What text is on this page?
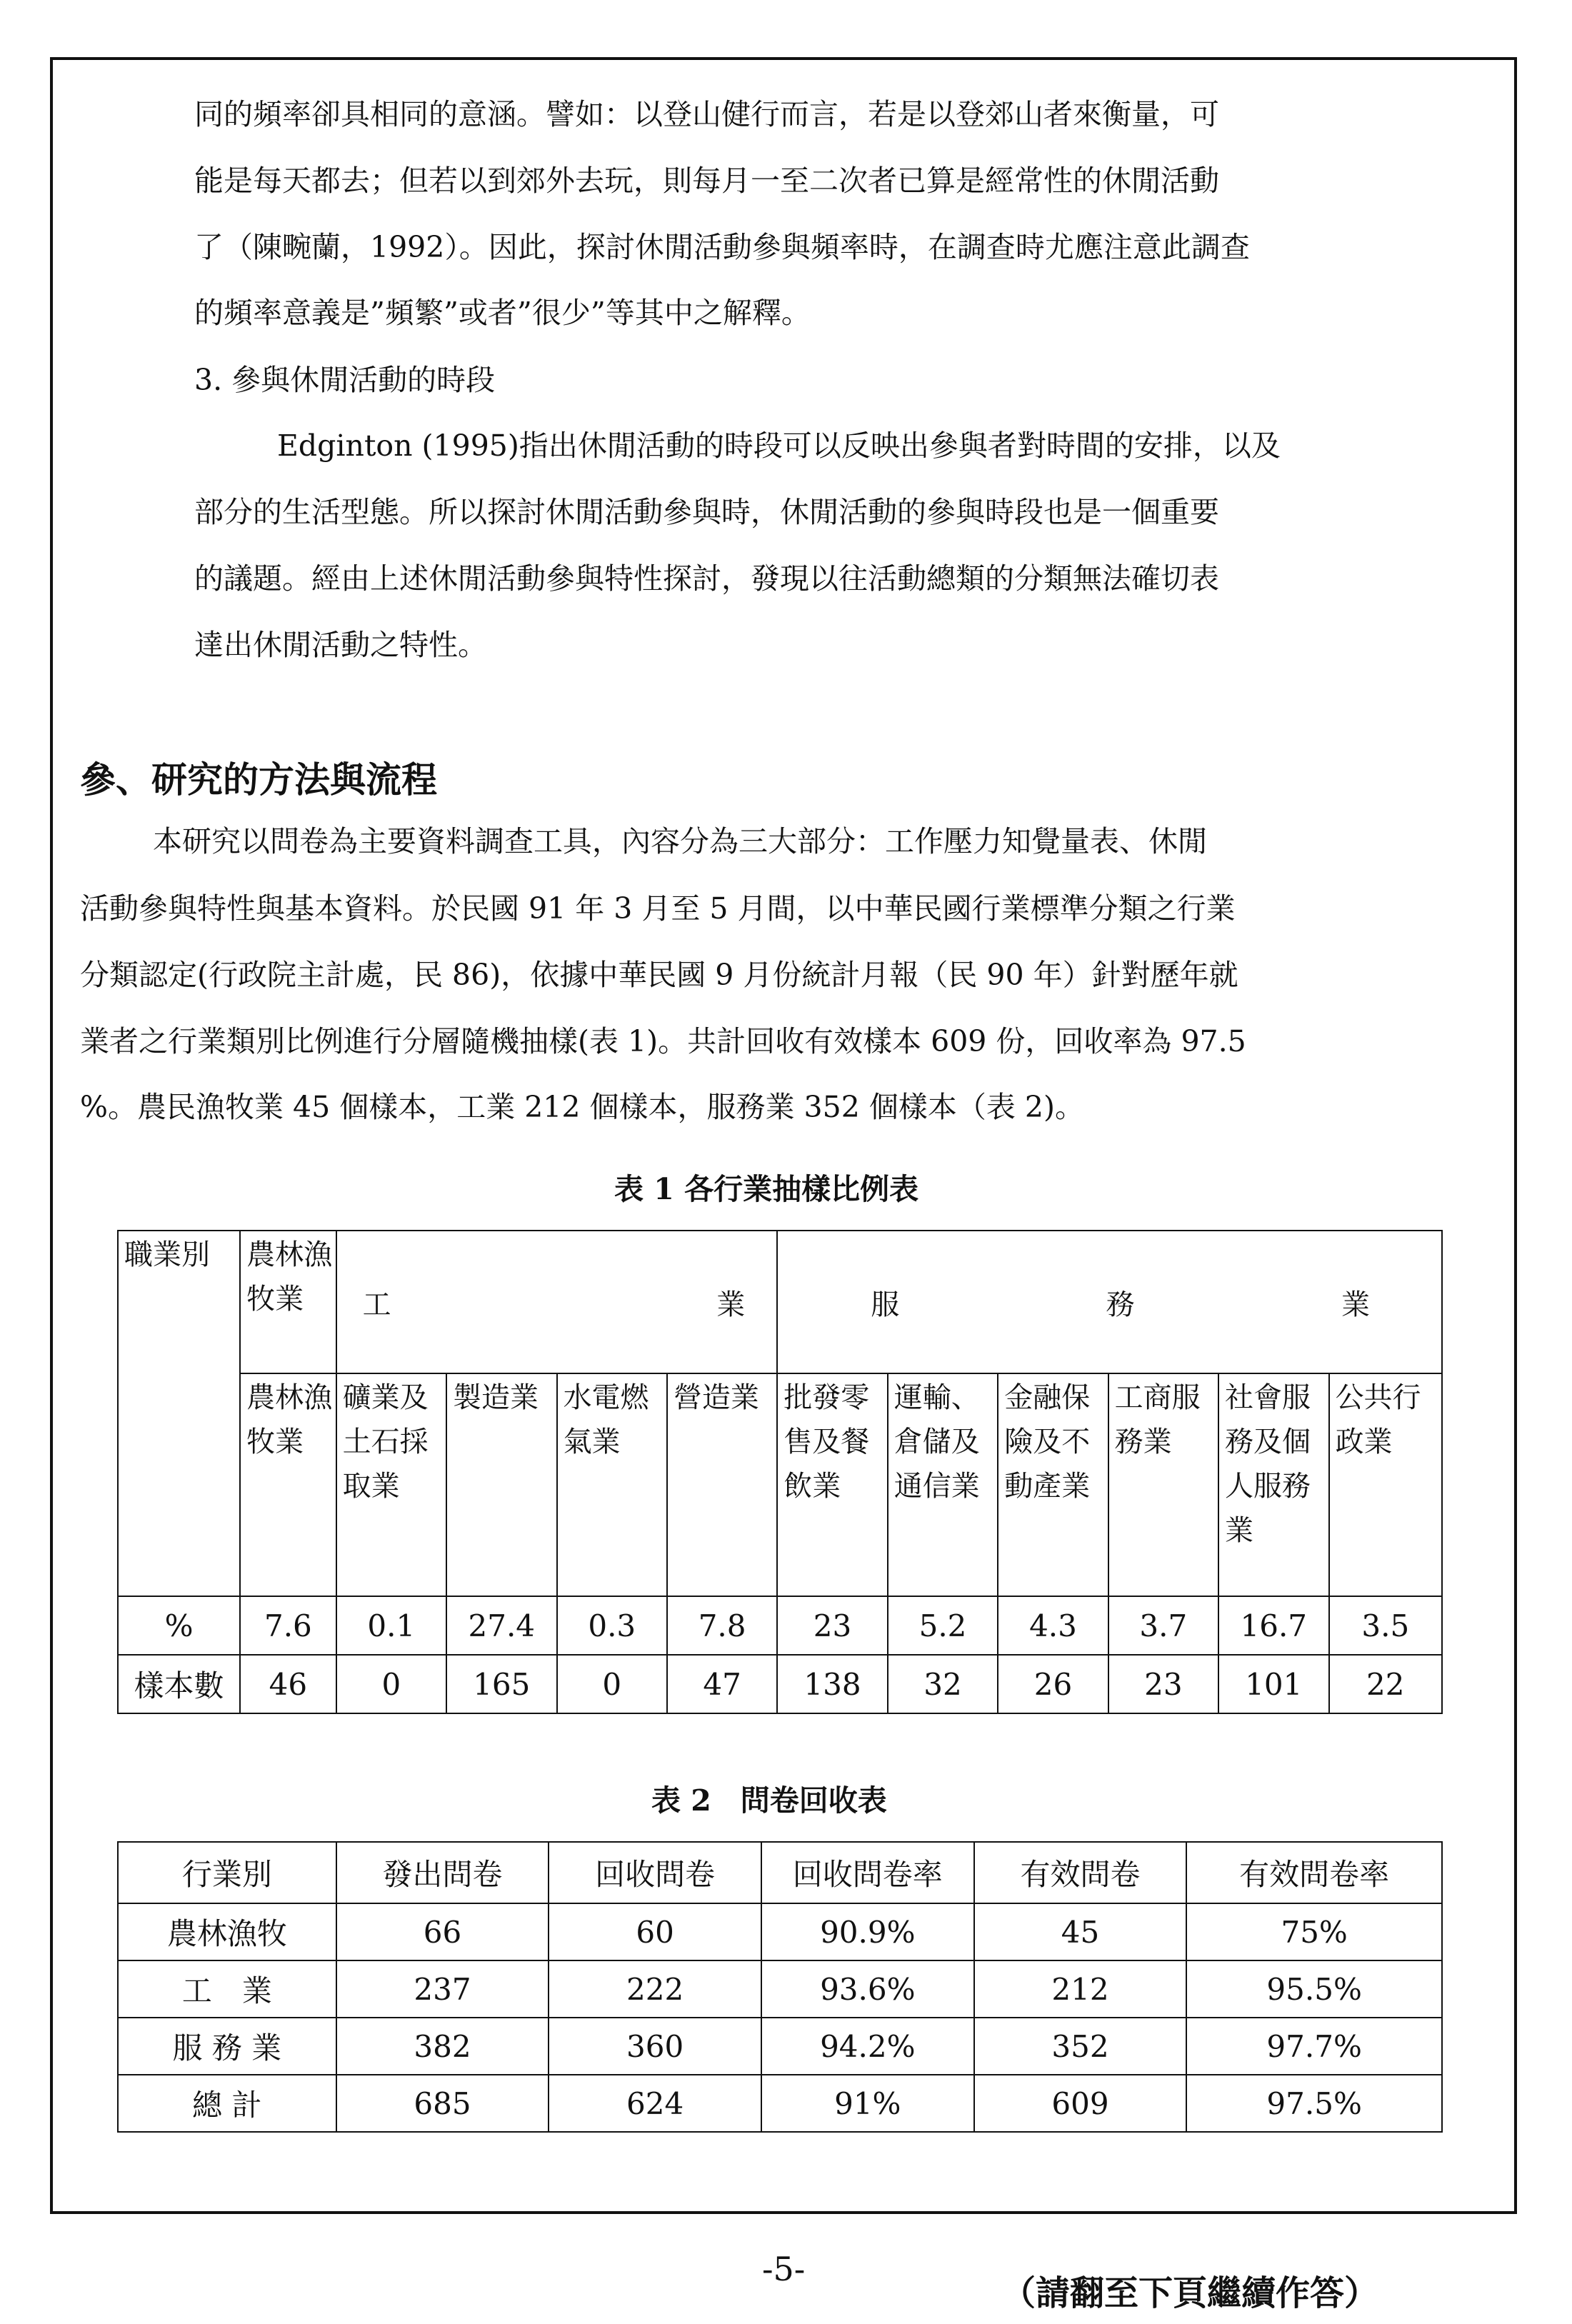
同的頻率卻具相同的意涵。譬如：以登山健行而言，若是以登郊山者來衡量，可
能是每天都去；但若以到郊外去玩，則每月一至二次者已算是經常性的休閒活動
了（陳畹蘭，1992）。因此，探討休閒活動參與頻率時，在調查時尤應注意此調查
的頻率意義是”頻繁”或者”很少”等其中之解釋。
3. 參與休閒活動的時段
Edginton (1995)指出休閒活動的時段可以反映出參與者對時間的安排，以及
部分的生活型態。所以探討休閒活動參與時，休閒活動的參與時段也是一個重要
的議題。經由上述休閒活動參與特性探討，發現以往活動總類的分類無法確切表
達出休閒活動之特性。
參、研究的方法與流程
本研究以問卷為主要資料調查工具，內容分為三大部分：工作壓力知覺量表、休閒
活動參與特性與基本資料。於民國 91 年 3 月至 5 月間，以中華民國行業標準分類之行業
分類認定(行政院主計處，民 86)，依據中華民國 9 月份統計月報（民 90 年）針對歷年就
業者之行業類別比例進行分層隨機抽樣(表 1)。共計回收有效樣本 609 份，回收率為 97.5
%。農民漁牧業 45 個樣本，工業 212 個樣本，服務業 352 個樣本（表 2)。
表 1 各行業抽樣比例表
職業別	農林漁牧業	工 業				服 務 業					

	農林漁牧業	礦業及土石採取業	製造業	水電燃氣業	營造業	批發零售及餐飲業	運輸、倉儲及通信業	金融保險及不動產業	工商服務業	社會服務及個人服務業	公共行政業
%	7.6	0.1	27.4	0.3	7.8	23	5.2	4.3	3.7	16.7	3.5
樣本數	46	0	165	0	47	138	32	26	23	101	22
表 2　問卷回收表
行業別	發出問卷	回收問卷	回收問卷率	有效問卷	有效問卷率
農林漁牧	66	60	90.9%	45	75%
工　業	237	222	93.6%	212	95.5%
服 務 業	382	360	94.2%	352	97.7%
總 計	685	624	91%	609	97.5%
-5-
（請翻至下頁繼續作答）
